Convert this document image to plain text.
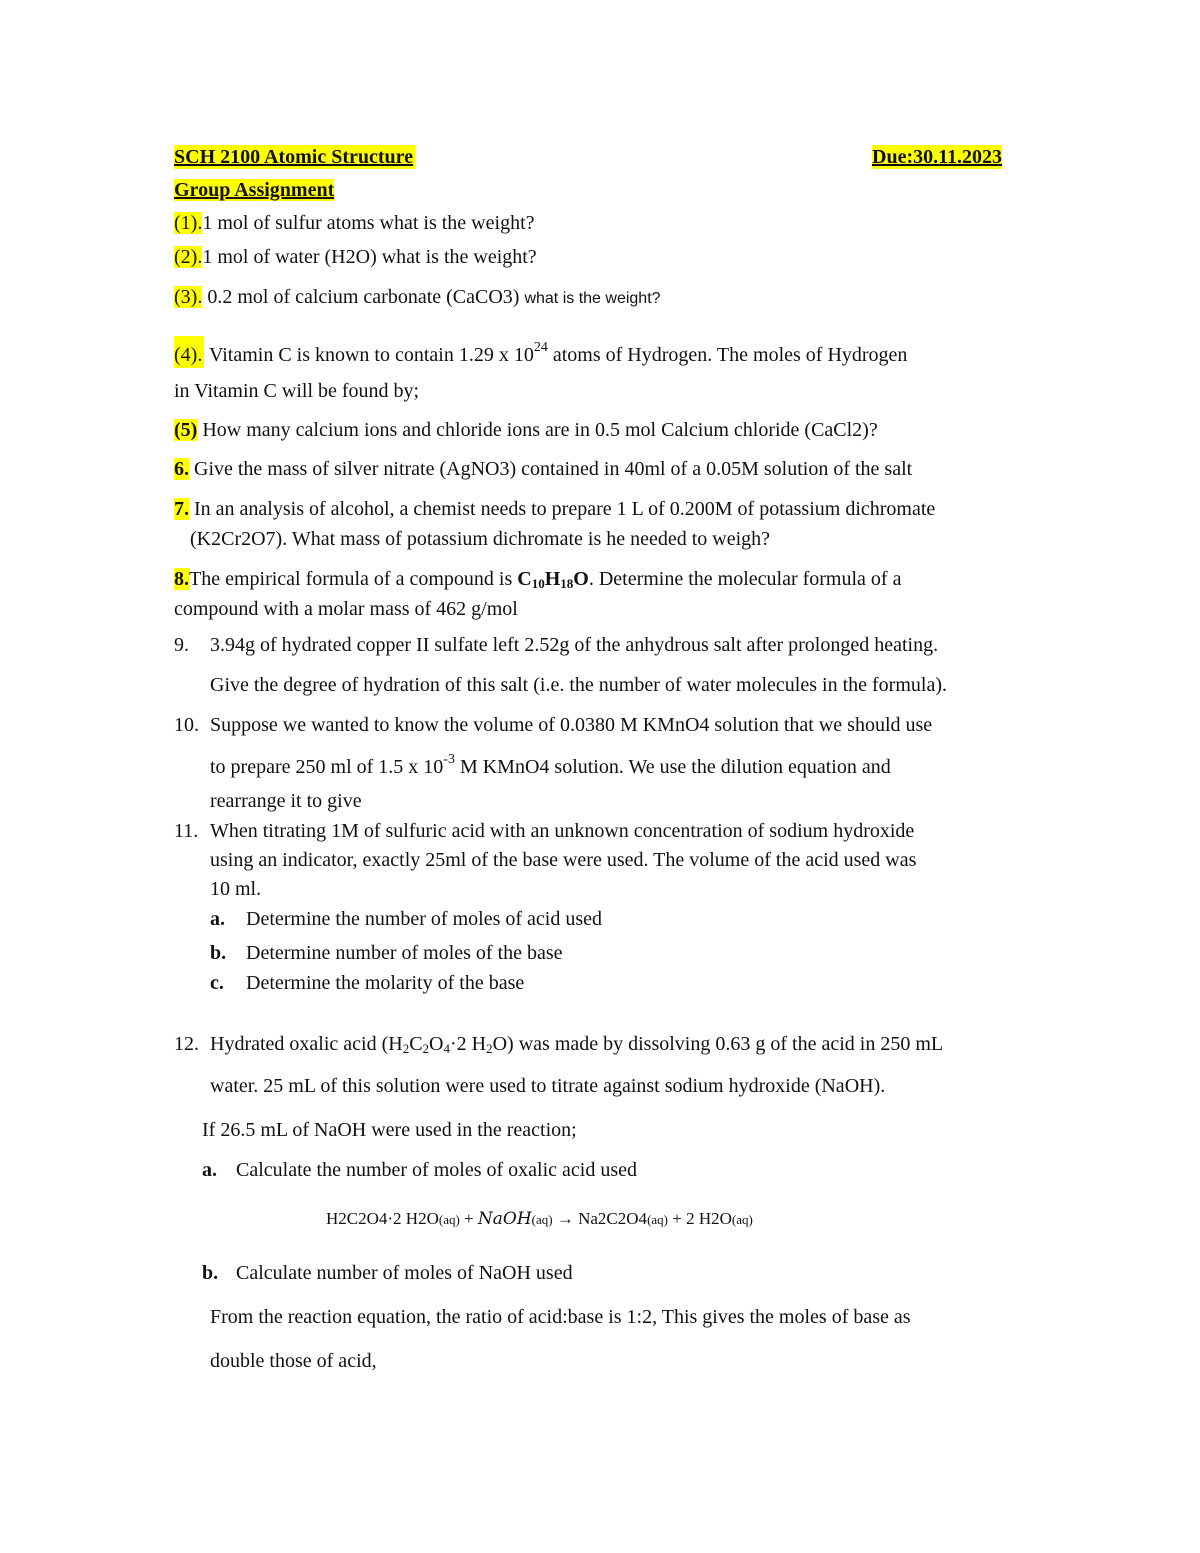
SCH 2100 Atomic Structure	Due:30.11.2023
Group Assignment
(1).1 mol of sulfur atoms what is the weight?
(2).1 mol of water (H2O) what is the weight?
(3). 0.2 mol of calcium carbonate (CaCO3) what is the weight?
(4). Vitamin C is known to contain 1.29 x $10^{24}$ atoms of Hydrogen. The moles of Hydrogen
in Vitamin C will be found by;
(5) How many calcium ions and chloride ions are in 0.5 mol Calcium chloride (CaCl2)?
6. Give the mass of silver nitrate (AgNO3) contained in 40ml of a 0.05M solution of the salt
7. In an analysis of alcohol, a chemist needs to prepare 1 L of 0.200M of potassium dichromate
(K2Cr2O7). What mass of potassium dichromate is he needed to weigh?
8.The empirical formula of a compound is $C_{10}H_{18}O$. Determine the molecular formula of a
compound with a molar mass of 462 g/mol
9. 3.94g of hydrated copper II sulfate left 2.52g of the anhydrous salt after prolonged heating.
Give the degree of hydration of this salt (i.e. the number of water molecules in the formula).
10. Suppose we wanted to know the volume of 0.0380 M KMnO4 solution that we should use
to prepare 250 ml of 1.5 x $10^{-3}$ M KMnO4 solution. We use the dilution equation and
rearrange it to give
11. When titrating 1M of sulfuric acid with an unknown concentration of sodium hydroxide
using an indicator, exactly 25ml of the base were used. The volume of the acid used was
10 ml.
a. Determine the number of moles of acid used
b. Determine number of moles of the base
c. Determine the molarity of the base
12. Hydrated oxalic acid ($H_2C_2O_4\cdot 2$ $H_2O$) was made by dissolving 0.63 g of the acid in 250 mL
water. 25 mL of this solution were used to titrate against sodium hydroxide (NaOH).
If 26.5 mL of NaOH were used in the reaction;
a. Calculate the number of moles of oxalic acid used
H2C2O4·2 H2O(aq) + NaOH(aq) → Na2C2O4(aq) + 2 H2O(aq)
b. Calculate number of moles of NaOH used
From the reaction equation, the ratio of acid:base is 1:2, This gives the moles of base as
double those of acid,
